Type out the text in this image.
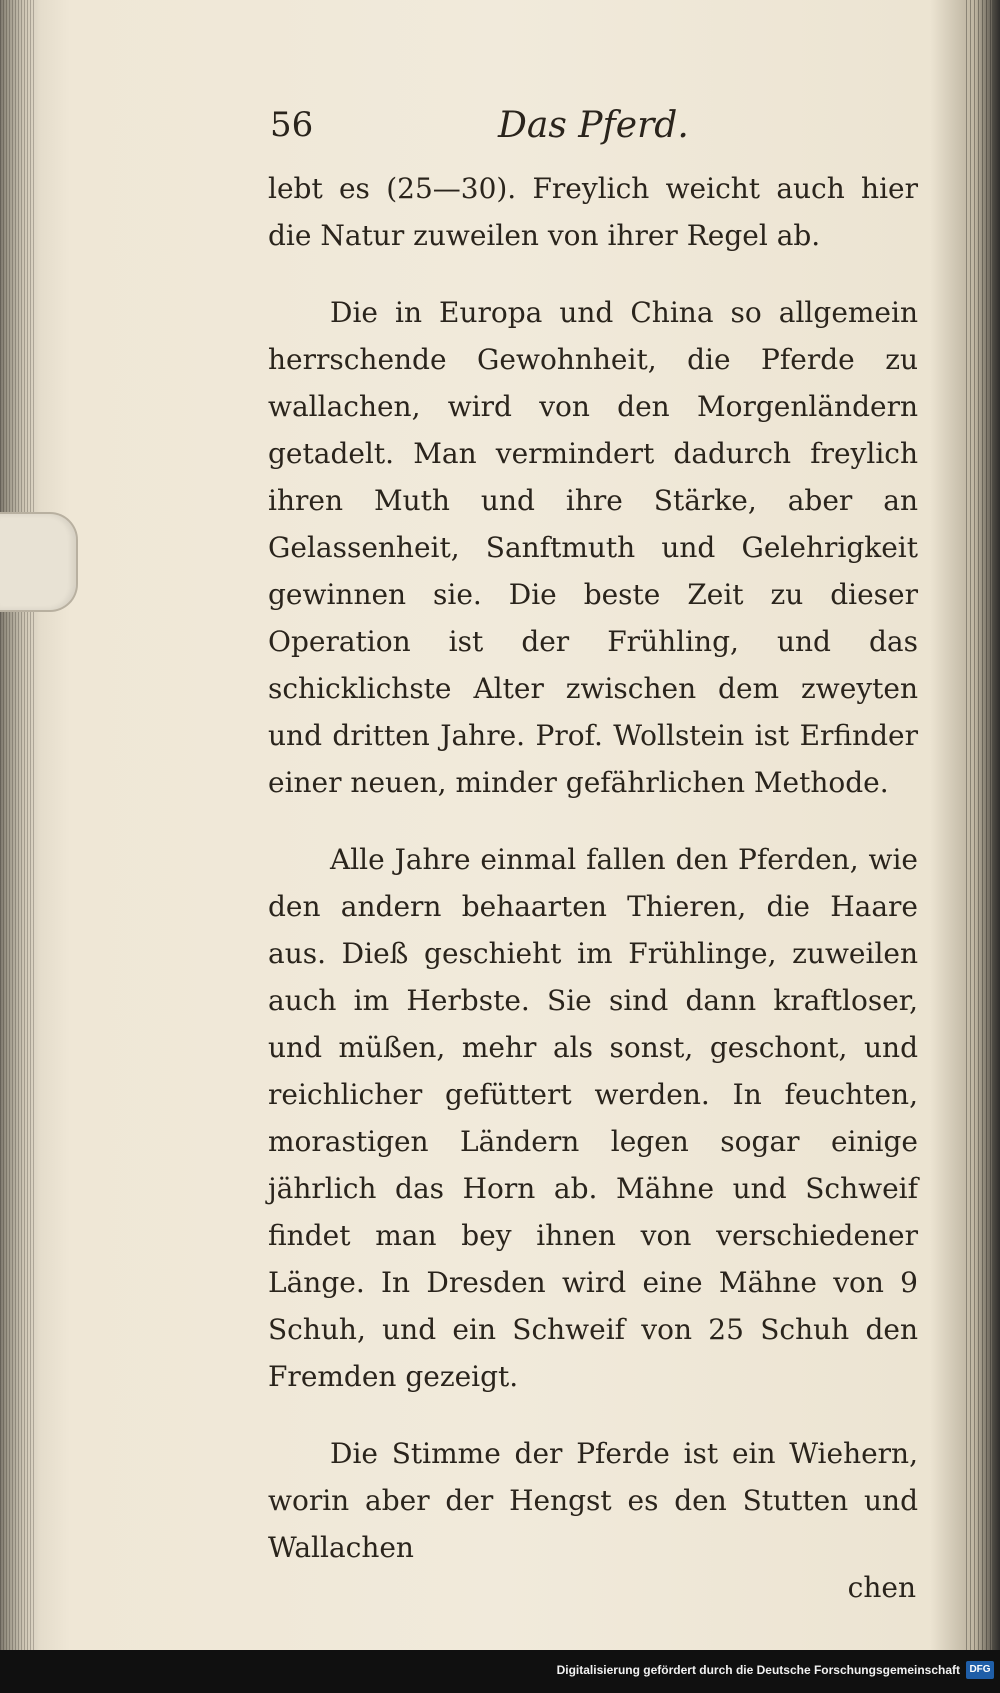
56	Das Pferd.

lebt es (25—30). Freylich weicht auch hier die Natur zuweilen von ihrer Regel ab.

Die in Europa und China so allgemein herrschende Gewohnheit, die Pferde zu wallachen, wird von den Morgenländern getadelt. Man vermindert dadurch freylich ihren Muth und ihre Stärke, aber an Gelassenheit, Sanftmuth und Gelehrigkeit gewinnen sie. Die beste Zeit zu dieser Operation ist der Frühling, und das schicklichste Alter zwischen dem zweyten und dritten Jahre. Prof. Wollstein ist Erfinder einer neuen, minder gefährlichen Methode.

Alle Jahre einmal fallen den Pferden, wie den andern behaarten Thieren, die Haare aus. Dieß geschieht im Frühlinge, zuweilen auch im Herbste. Sie sind dann kraftloser, und müßen, mehr als sonst, geschont, und reichlicher gefüttert werden. In feuchten, morastigen Ländern legen sogar einige jährlich das Horn ab. Mähne und Schweif findet man bey ihnen von verschiedener Länge. In Dresden wird eine Mähne von 9 Schuh, und ein Schweif von 25 Schuh den Fremden gezeigt.

Die Stimme der Pferde ist ein Wiehern, worin aber der Hengst es den Stutten und Wallachen

chen
Digitalisierung gefördert durch die Deutsche Forschungsgemeinschaft DFG
